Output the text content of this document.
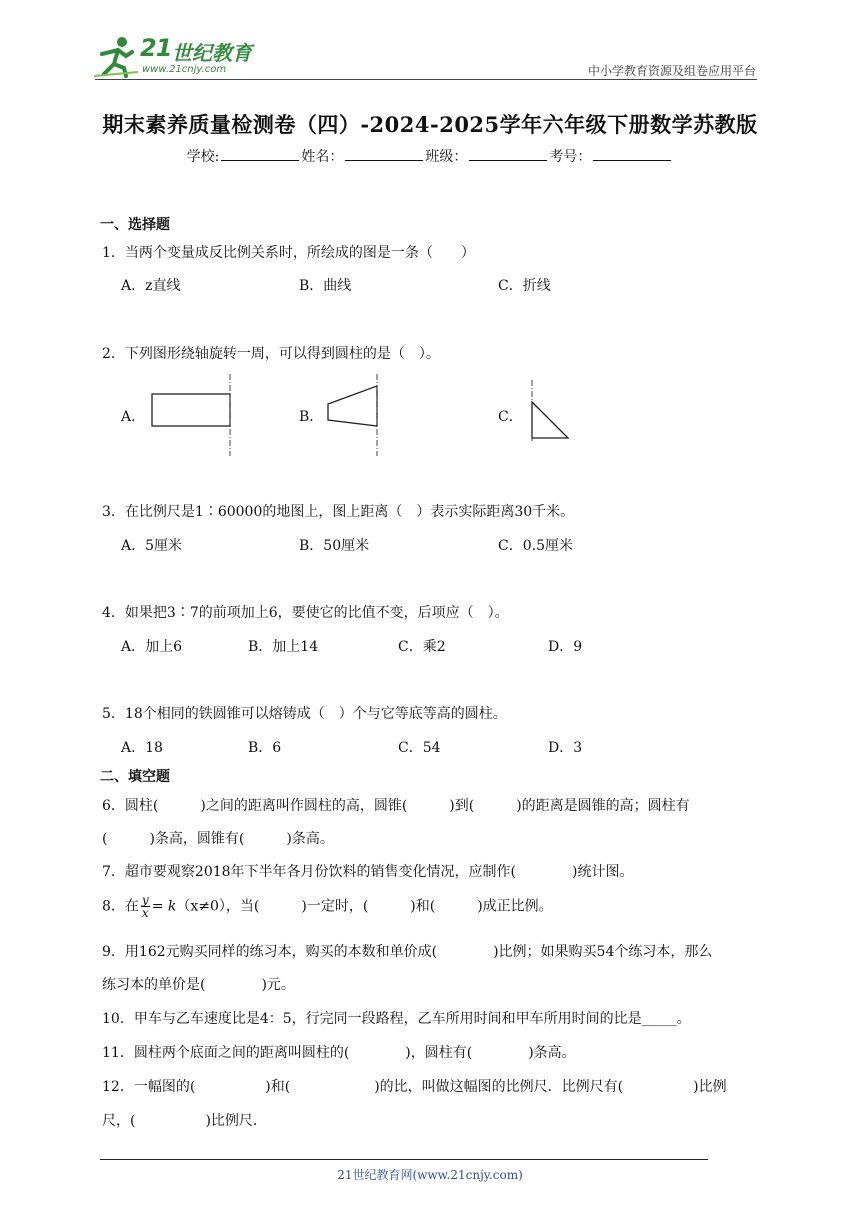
21 世纪教育
www.21cnjy.com	中小学教育资源及组卷应用平台
期末素养质量检测卷（四）-2024-2025学年六年级下册数学苏教版
学校:	姓名：	班级：	考号：
一、选择题
1．当两个变量成反比例关系时，所绘成的图是一条（　　）
A．z直线	B．曲线	C．折线
2．下列图形绕轴旋转一周，可以得到圆柱的是（　）。
A．	B．	C．
3．在比例尺是1∶60000的地图上，图上距离（　）表示实际距离30千米。
A．5厘米	B．50厘米	C．0.5厘米
4．如果把3∶7的前项加上6，要使它的比值不变，后项应（　）。
A．加上6	B．加上14	C．乘2	D．9
5．18个相同的铁圆锥可以熔铸成（　）个与它等底等高的圆柱。
A．18	B．6	C．54	D．3
二、填空题
6．圆柱(　　　)之间的距离叫作圆柱的高，圆锥(　　　)到(　　　)的距离是圆锥的高；圆柱有
(　　　)条高，圆锥有(　　　)条高。
7．超市要观察2018年下半年各月份饮料的销售变化情况，应制作(　　　　)统计图。
8．在 $\frac{y}{x} = k(x\ne 0)$，当(　　　)一定时，(　　　)和(　　　)成正比例。
9．用162元购买同样的练习本，购买的本数和单价成(　　　　)比例；如果购买54个练习本，那么
练习本的单价是(　　　　)元。
10．甲车与乙车速度比是4：5，行完同一段路程，乙车所用时间和甲车所用时间的比是_____。
11．圆柱两个底面之间的距离叫圆柱的(　　　　)，圆柱有(　　　　)条高。
12．一幅图的(　　　　　)和(　　　　　　)的比，叫做这幅图的比例尺．比例尺有(　　　　　)比例
尺，(　　　　　)比例尺．
21世纪教育网(www.21cnjy.com)
